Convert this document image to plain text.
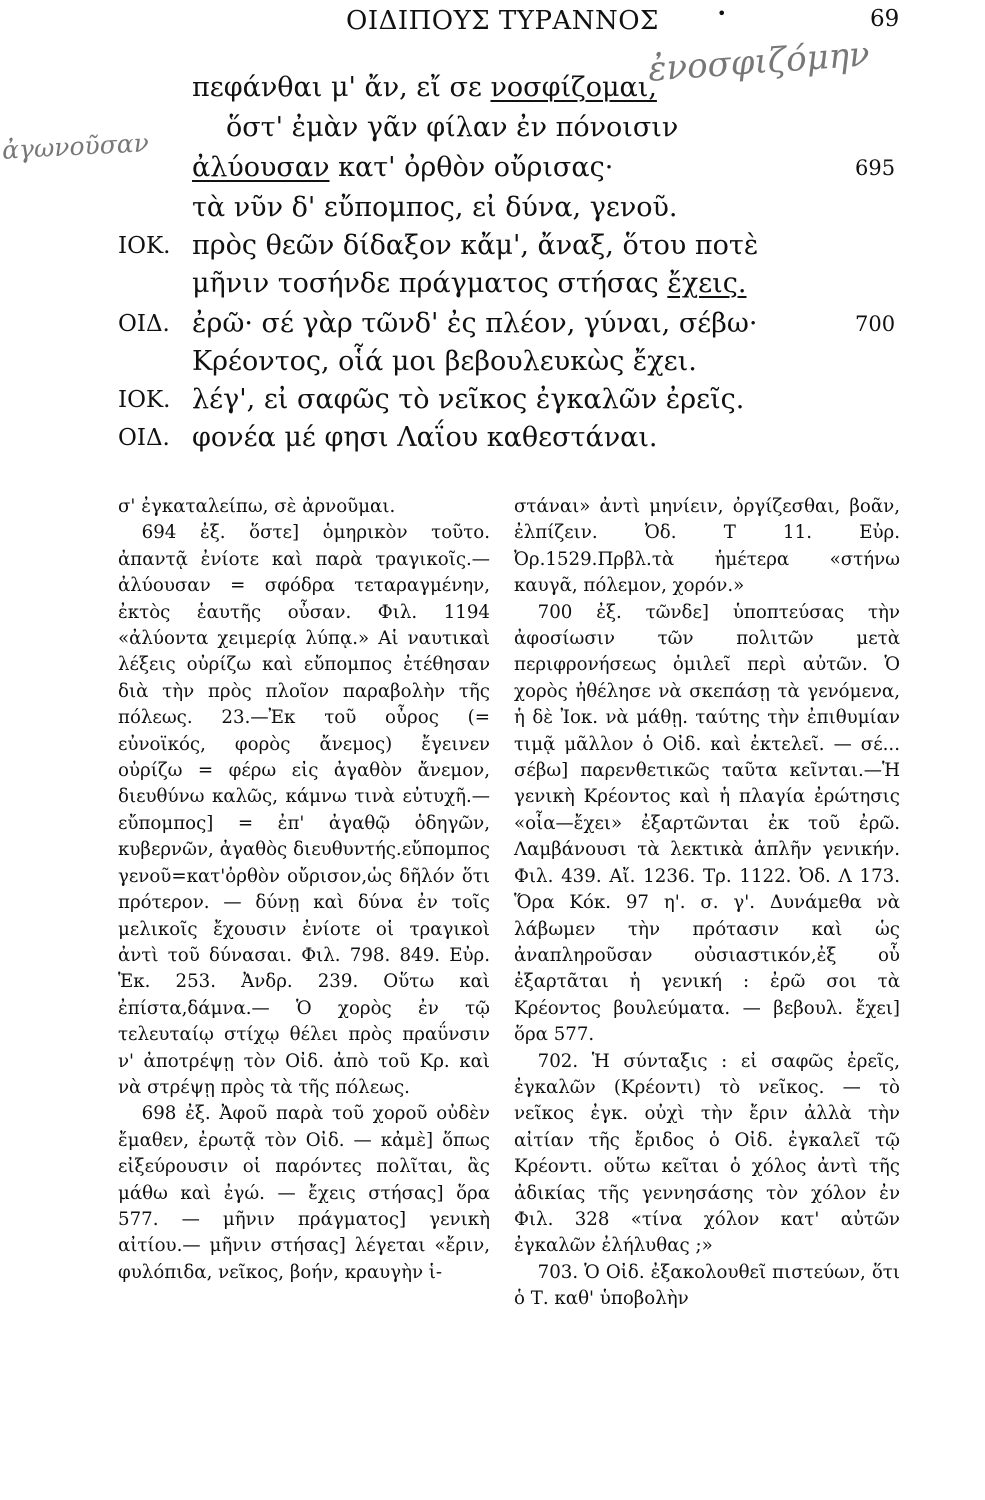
ΟΙΔΙΠΟΥΣ ΤΥΡΑΝΝΟΣ	•	69
ἐνοσφιζόμην
ἀγωνοῦσαν
πεφάνθαι μ' ἄν, εἴ σε νοσφίζομαι,
ὅστ' ἐμὰν γᾶν φίλαν ἐν πόνοισιν
ἀλύουσαν κατ' ὀρθὸν οὔρισας·	695
τὰ νῦν δ' εὔπομπος, εἰ δύνα, γενοῦ.
ΙΟΚ. πρὸς θεῶν δίδαξον κἄμ', ἄναξ, ὅτου ποτὲ
μῆνιν τοσήνδε πράγματος στήσας ἔχεις.
ΟΙΔ. ἐρῶ· σέ γὰρ τῶνδ' ἐς πλέον, γύναι, σέβω·	700
Κρέοντος, οἷά μοι βεβουλευκὼς ἔχει.
ΙΟΚ. λέγ', εἰ σαφῶς τὸ νεῖκος ἐγκαλῶν ἐρεῖς.
ΟΙΔ. φονέα μέ φησι Λαΐου καθεστάναι.

σ' ἐγκαταλείπω, σὲ ἀρνοῦμαι.

694 ἐξ. ὅστε] ὁμηρικὸν τοῦτο. ἀπαντᾷ ἐνίοτε καὶ παρὰ τραγικοῖς.— ἀλύουσαν = σφόδρα τεταραγμένην, ἐκτὸς ἑαυτῆς οὖσαν. Φιλ. 1194 «ἀλύοντα χειμερίᾳ λύπᾳ.» Αἱ ναυτικαὶ λέξεις οὐρίζω καὶ εὔπομπος ἐτέθησαν διὰ τὴν πρὸς πλοῖον παραβολὴν τῆς πόλεως. 23.—Ἐκ τοῦ οὖρος (= εὐνοϊκός, φορὸς ἄνεμος) ἔγεινεν οὐρίζω = φέρω εἰς ἀγαθὸν ἄνεμον, διευθύνω καλῶς, κάμνω τινὰ εὐτυχῆ.—εὔπομπος] = ἐπ' ἀγαθῷ ὁδηγῶν, κυβερνῶν, ἀγαθὸς διευθυντής.εὔπομπος γενοῦ=κατ'ὀρθὸν οὔρισον,ὡς δῆλόν ὅτι πρότερον. — δύνῃ καὶ δύνα ἐν τοῖς μελικοῖς ἔχουσιν ἐνίοτε οἱ τραγικοὶ ἀντὶ τοῦ δύνασαι. Φιλ. 798. 849. Εὐρ. Ἑκ. 253. Ἀνδρ. 239. Οὕτω καὶ ἐπίστα,δάμνα.— Ὁ χορὸς ἐν τῷ τελευταίῳ στίχῳ θέλει πρὸς πραΰνσιν ν' ἀποτρέψῃ τὸν Οἰδ. ἀπὸ τοῦ Κρ. καὶ νὰ στρέψῃ πρὸς τὰ τῆς πόλεως.

698 ἐξ. Ἀφοῦ παρὰ τοῦ χοροῦ οὐδὲν ἔμαθεν, ἐρωτᾷ τὸν Οἰδ. — κἀμὲ] ὅπως εἰξεύρουσιν οἱ παρόντες πολῖται, ἃς μάθω καὶ ἐγώ. — ἔχεις στήσας] ὅρα 577. — μῆνιν πράγματος] γενικὴ αἰτίου.— μῆνιν στήσας] λέγεται «ἔριν, φυλόπιδα, νεῖκος, βοήν, κραυγὴν ἱ-

στάναι» ἀντὶ μηνίειν, ὀργίζεσθαι, βοᾶν, ἐλπίζειν. Ὀδ. Τ 11. Εὐρ. Ὀρ.1529.Πρβλ.τὰ ἡμέτερα «στήνω καυγᾶ, πόλεμον, χορόν.»

700 ἐξ. τῶνδε] ὑποπτεύσας τὴν ἀφοσίωσιν τῶν πολιτῶν μετὰ περιφρονήσεως ὁμιλεῖ περὶ αὐτῶν. Ὁ χορὸς ἠθέλησε νὰ σκεπάσῃ τὰ γενόμενα, ἡ δὲ Ἰοκ. νὰ μάθῃ. ταύτης τὴν ἐπιθυμίαν τιμᾷ μᾶλλον ὁ Οἰδ. καὶ ἐκτελεῖ. — σέ... σέβω] παρενθετικῶς ταῦτα κεῖνται.—Ἡ γενικὴ Κρέοντος καὶ ἡ πλαγία ἐρώτησις «οἷα—ἔχει» ἐξαρτῶνται ἐκ τοῦ ἐρῶ. Λαμβάνουσι τὰ λεκτικὰ ἁπλῆν γενικήν. Φιλ. 439. Αἴ. 1236. Τρ. 1122. Ὀδ. Λ 173. Ὅρα Κόκ. 97 η'. σ. γ'. Δυνάμεθα νὰ λάβωμεν τὴν πρότασιν καὶ ὡς ἀναπληροῦσαν οὐσιαστικόν,ἐξ οὗ ἐξαρτᾶται ἡ γενική : ἐρῶ σοι τὰ Κρέοντος βουλεύματα. — βεβουλ. ἔχει] ὅρα 577.

702. Ἡ σύνταξις : εἰ σαφῶς ἐρεῖς, ἐγκαλῶν (Κρέοντι) τὸ νεῖκος. — τὸ νεῖκος ἐγκ. οὐχὶ τὴν ἔριν ἀλλὰ τὴν αἰτίαν τῆς ἔριδος ὁ Οἰδ. ἐγκαλεῖ τῷ Κρέοντι. οὕτω κεῖται ὁ χόλος ἀντὶ τῆς ἀδικίας τῆς γεννησάσης τὸν χόλον ἐν Φιλ. 328 «τίνα χόλον κατ' αὐτῶν ἐγκαλῶν ἐλήλυθας ;»

703. Ὁ Οἰδ. ἐξακολουθεῖ πιστεύων, ὅτι ὁ Τ. καθ' ὑποβολὴν
